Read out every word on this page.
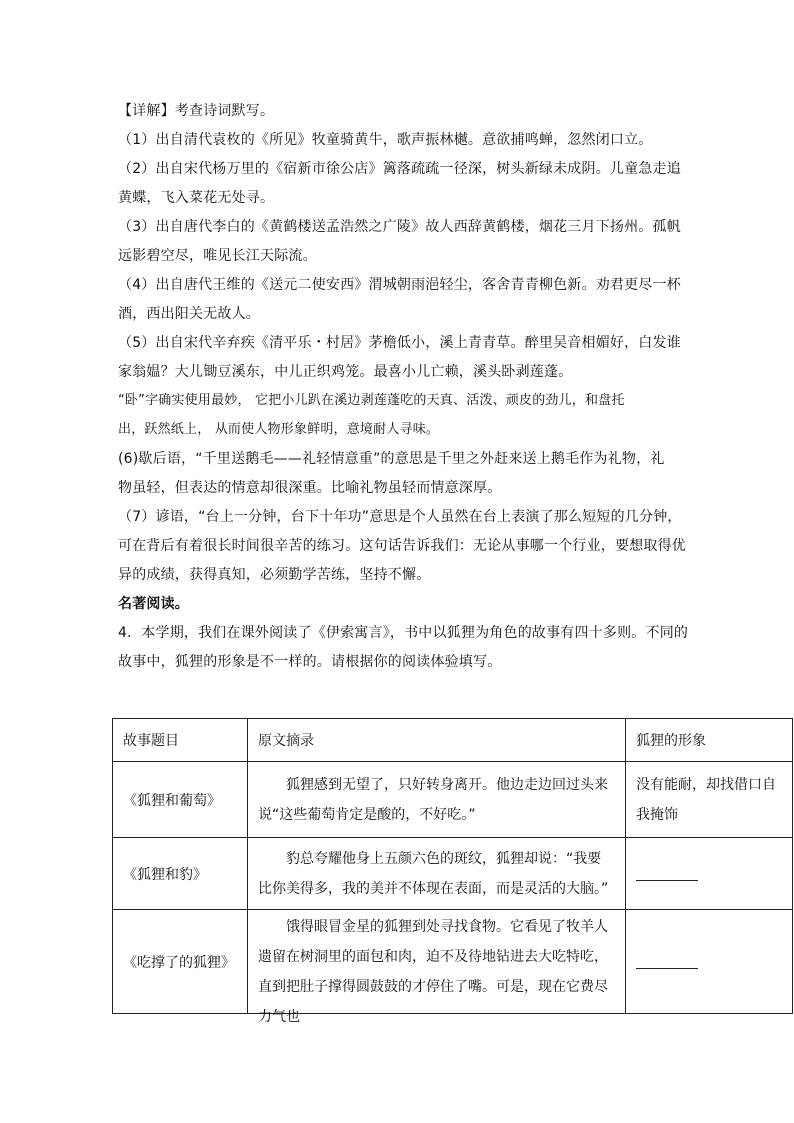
【详解】考查诗词默写。
（1）出自清代袁枚的《所见》牧童骑黄牛，歌声振林樾。意欲捕鸣蝉，忽然闭口立。
（2）出自宋代杨万里的《宿新市徐公店》篱落疏疏一径深，树头新绿未成阴。儿童急走追
黄蝶，飞入菜花无处寻。
（3）出自唐代李白的《黄鹤楼送孟浩然之广陵》故人西辞黄鹤楼，烟花三月下扬州。孤帆
远影碧空尽，唯见长江天际流。
（4）出自唐代王维的《送元二使安西》渭城朝雨浥轻尘，客舍青青柳色新。劝君更尽一杯
酒，西出阳关无故人。
（5）出自宋代辛弃疾《清平乐・村居》茅檐低小，溪上青青草。醉里吴音相媚好，白发谁
家翁媪？大儿锄豆溪东，中儿正织鸡笼。最喜小儿亡赖，溪头卧剥莲蓬。
“卧”字确实使用最妙， 它把小儿趴在溪边剥莲蓬吃的天真、活泼、顽皮的劲儿，和盘托
出，跃然纸上， 从而使人物形象鲜明，意境耐人寻味。
(6)歇后语，“千里送鹅毛——礼轻情意重”的意思是千里之外赶来送上鹅毛作为礼物，礼
物虽轻，但表达的情意却很深重。比喻礼物虽轻而情意深厚。
（7）谚语，“台上一分钟，台下十年功”意思是个人虽然在台上表演了那么短短的几分钟，
可在背后有着很长时间很辛苦的练习。这句话告诉我们：无论从事哪一个行业，要想取得优
异的成绩，获得真知，必须勤学苦练，坚持不懈。
名著阅读。
4．本学期，我们在课外阅读了《伊索寓言》，书中以狐狸为角色的故事有四十多则。不同的
故事中，狐狸的形象是不一样的。请根据你的阅读体验填写。
故事题目	原文摘录	狐狸的形象
《狐狸和葡萄》	狐狸感到无望了，只好转身离开。他边走边回过头来说“这些葡萄肯定是酸的，不好吃。”	没有能耐，却找借口自我掩饰

《狐狸和豹》	豹总夸耀他身上五颜六色的斑纹，狐狸却说：“我要比你美得多，我的美并不体现在表面，而是灵活的大脑。”	

《吃撑了的狐狸》	饿得眼冒金星的狐狸到处寻找食物。它看见了牧羊人遗留在树洞里的面包和肉，迫不及待地钻进去大吃特吃，直到把肚子撑得圆鼓鼓的才停住了嘴。可是，现在它费尽力气也	
